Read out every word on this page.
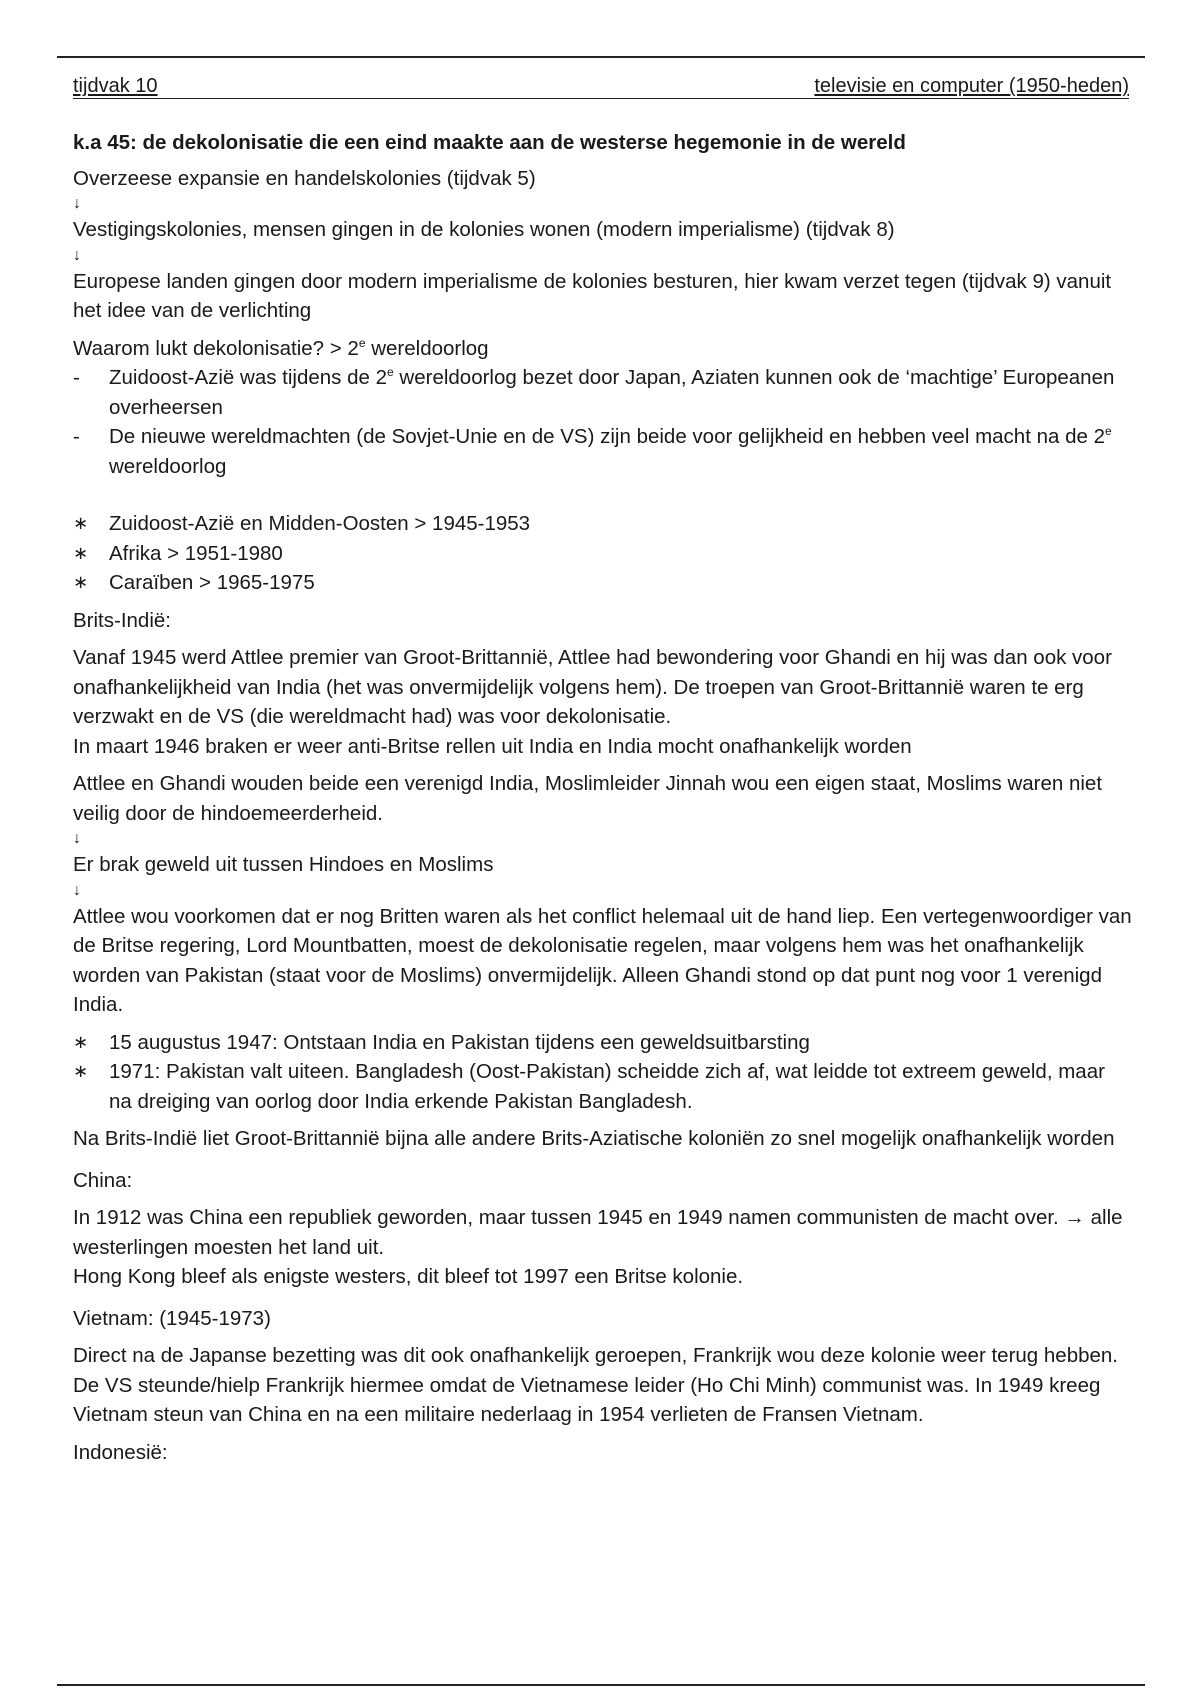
tijdvak 10	televisie en computer (1950-heden)

k.a 45: de dekolonisatie die een eind maakte aan de westerse hegemonie in de wereld

Overzeese expansie en handelskolonies (tijdvak 5)

↓

Vestigingskolonies, mensen gingen in de kolonies wonen (modern imperialisme) (tijdvak 8)

↓

Europese landen gingen door modern imperialisme de kolonies besturen, hier kwam verzet tegen (tijdvak 9) vanuit het idee van de verlichting

Waarom lukt dekolonisatie? > $2^e$ wereldoorlog

-	Zuidoost-Azië was tijdens de 2e wereldoorlog bezet door Japan, Aziaten kunnen ook de ‘machtige’ Europeanen overheersen
-	De nieuwe wereldmachten (de Sovjet-Unie en de VS) zijn beide voor gelijkheid en hebben veel macht na de 2e wereldoorlog
∗ Zuidoost-Azië en Midden-Oosten > 1945-1953
∗ Afrika > 1951-1980
∗ Caraïben > 1965-1975

Brits-Indië:

Vanaf 1945 werd Attlee premier van Groot-Brittannië, Attlee had bewondering voor Ghandi en hij was dan ook voor onafhankelijkheid van India (het was onvermijdelijk volgens hem). De troepen van Groot-Brittannië waren te erg verzwakt en de VS (die wereldmacht had) was voor dekolonisatie.

In maart 1946 braken er weer anti-Britse rellen uit India en India mocht onafhankelijk worden

Attlee en Ghandi wouden beide een verenigd India, Moslimleider Jinnah wou een eigen staat, Moslims waren niet veilig door de hindoemeerderheid.

↓

Er brak geweld uit tussen Hindoes en Moslims

↓

Attlee wou voorkomen dat er nog Britten waren als het conflict helemaal uit de hand liep. Een vertegenwoordiger van de Britse regering, Lord Mountbatten, moest de dekolonisatie regelen, maar volgens hem was het onafhankelijk worden van Pakistan (staat voor de Moslims) onvermijdelijk. Alleen Ghandi stond op dat punt nog voor 1 verenigd India.

∗ 15 augustus 1947: Ontstaan India en Pakistan tijdens een geweldsuitbarsting
∗ 1971: Pakistan valt uiteen. Bangladesh (Oost-Pakistan) scheidde zich af, wat leidde tot extreem geweld, maar na dreiging van oorlog door India erkende Pakistan Bangladesh.

Na Brits-Indië liet Groot-Brittannië bijna alle andere Brits-Aziatische koloniën zo snel mogelijk onafhankelijk worden

China:

In 1912 was China een republiek geworden, maar tussen 1945 en 1949 namen communisten de macht over. → alle westerlingen moesten het land uit.

Hong Kong bleef als enigste westers, dit bleef tot 1997 een Britse kolonie.

Vietnam: (1945-1973)

Direct na de Japanse bezetting was dit ook onafhankelijk geroepen, Frankrijk wou deze kolonie weer terug hebben. De VS steunde/hielp Frankrijk hiermee omdat de Vietnamese leider (Ho Chi Minh) communist was. In 1949 kreeg Vietnam steun van China en na een militaire nederlaag in 1954 verlieten de Fransen Vietnam.

Indonesië:
